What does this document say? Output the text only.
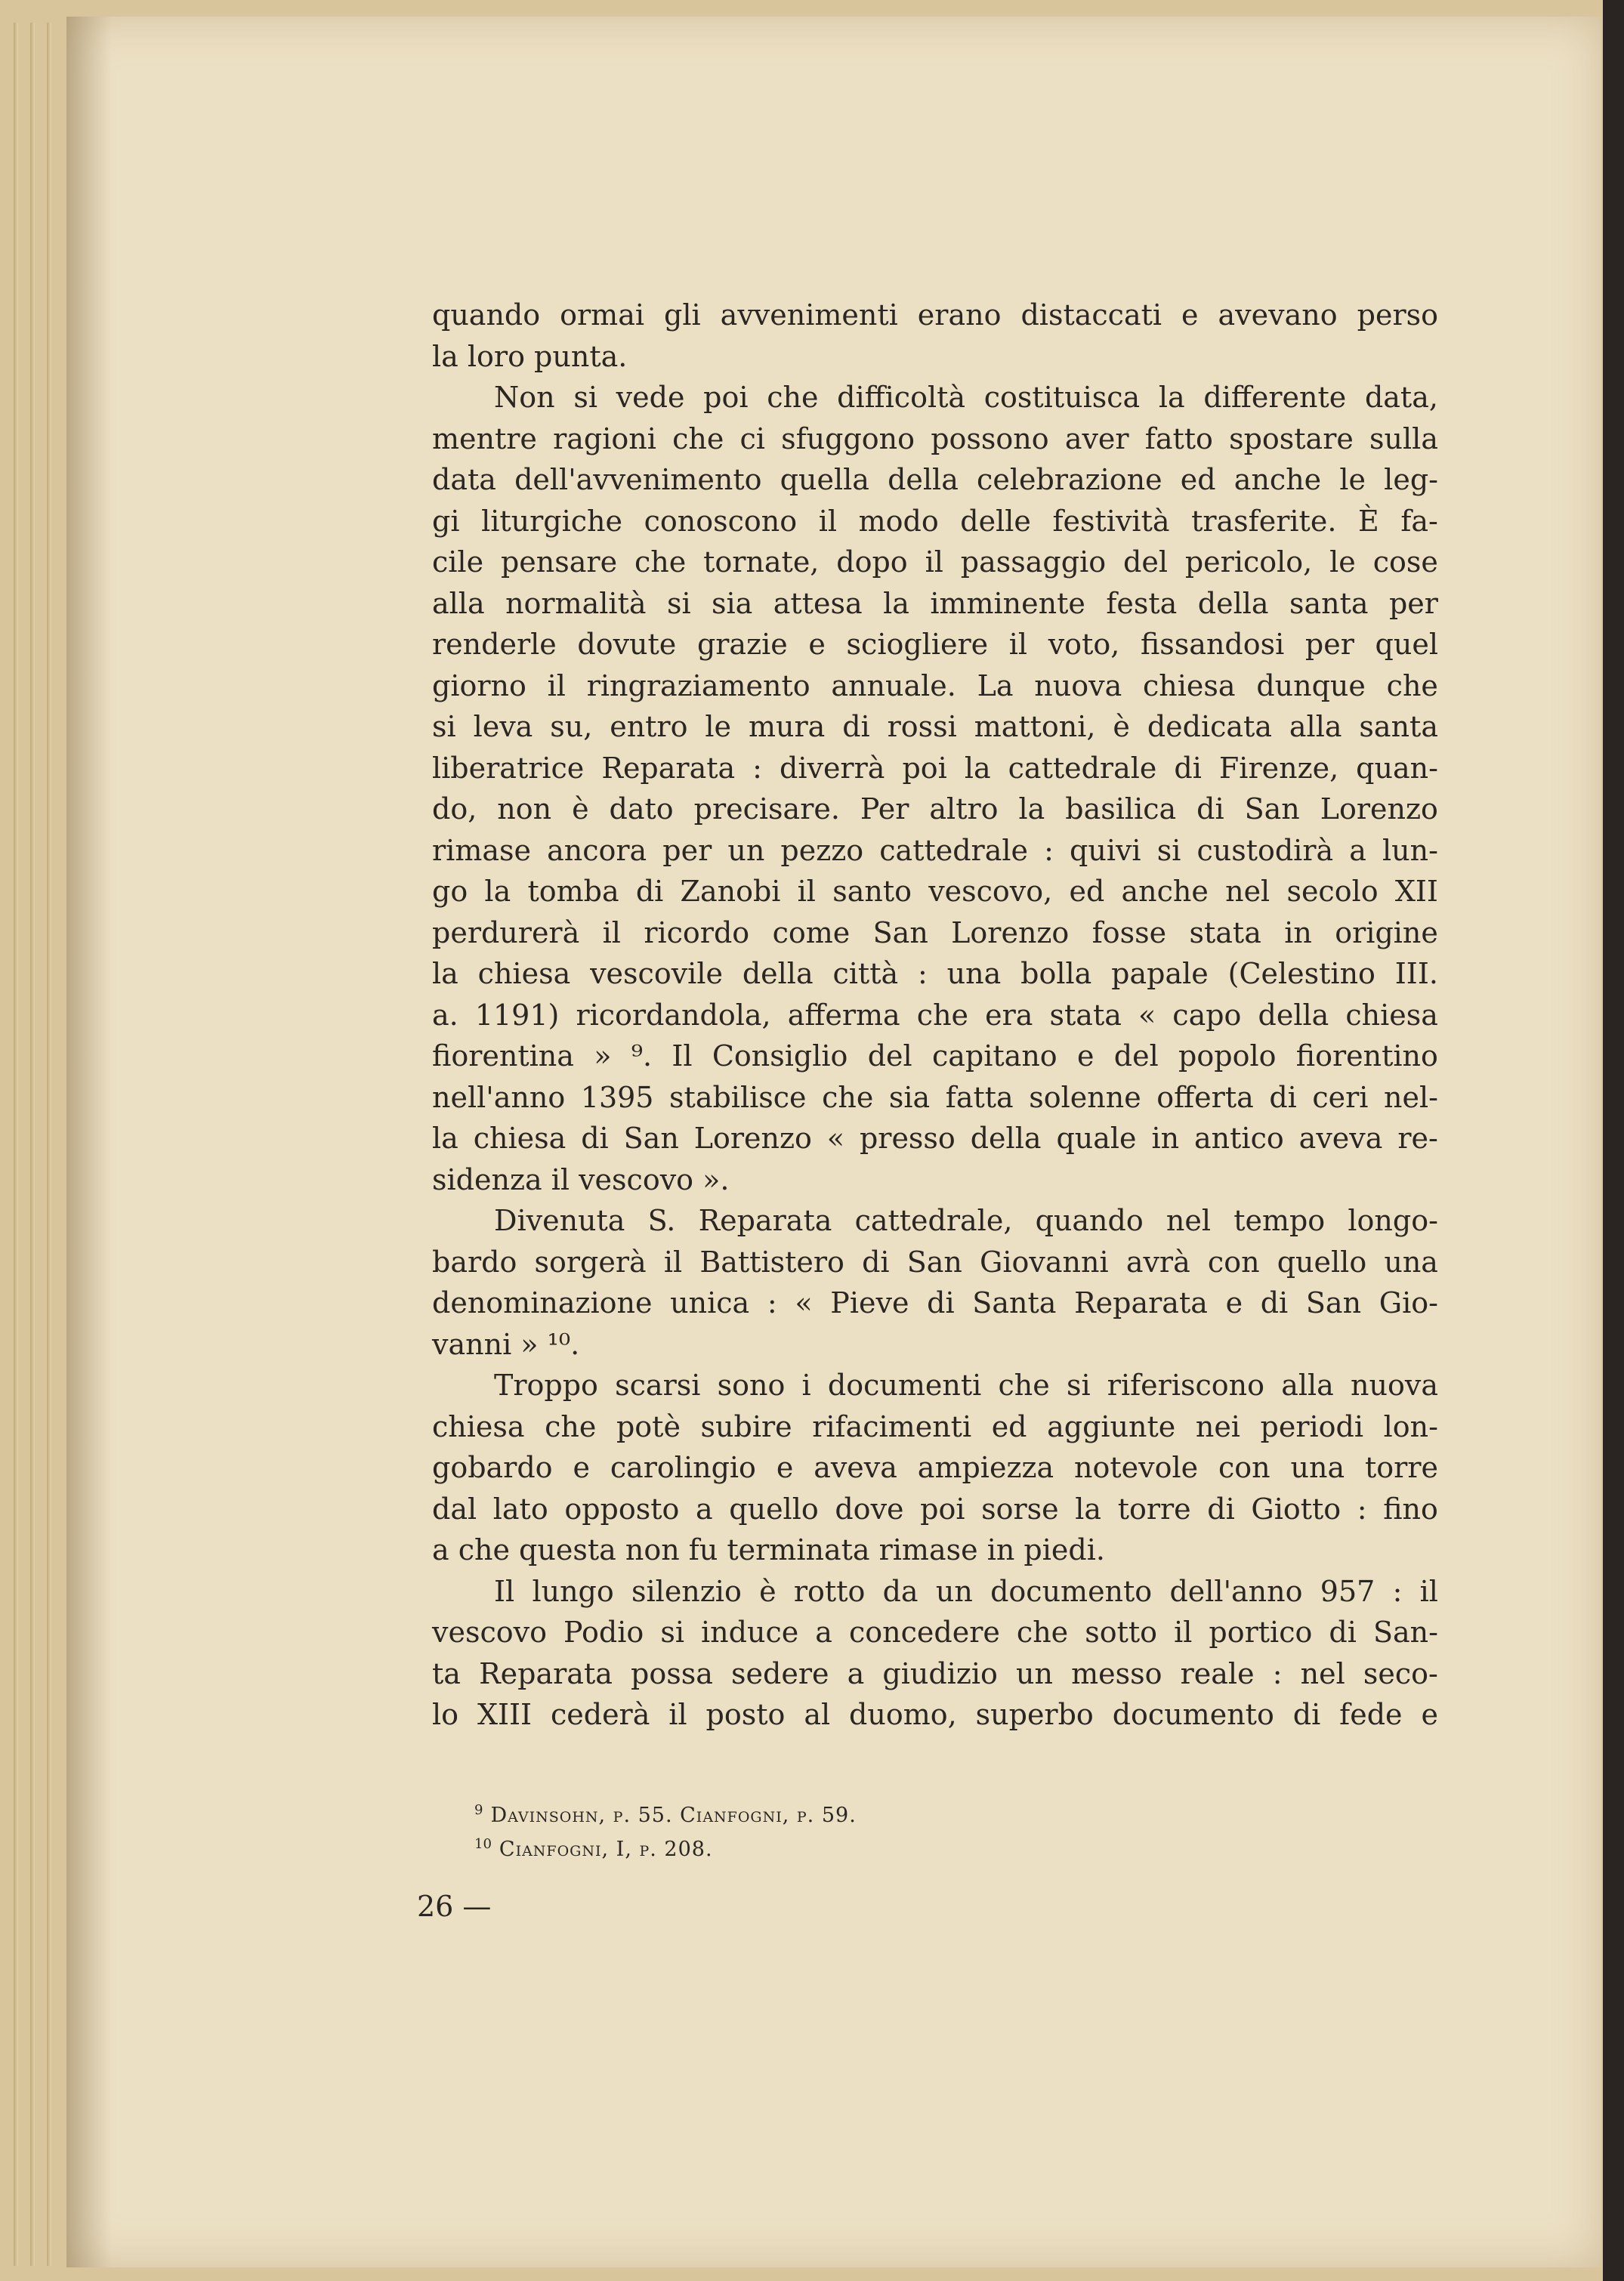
quando ormai gli avvenimenti erano distaccati e avevano perso
la loro punta.
Non si vede poi che difficoltà costituisca la differente data,
mentre ragioni che ci sfuggono possono aver fatto spostare sulla
data dell'avvenimento quella della celebrazione ed anche le leg-
gi liturgiche conoscono il modo delle festività trasferite. È fa-
cile pensare che tornate, dopo il passaggio del pericolo, le cose
alla normalità si sia attesa la imminente festa della santa per
renderle dovute grazie e sciogliere il voto, fissandosi per quel
giorno il ringraziamento annuale. La nuova chiesa dunque che
si leva su, entro le mura di rossi mattoni, è dedicata alla santa
liberatrice Reparata : diverrà poi la cattedrale di Firenze, quan-
do, non è dato precisare. Per altro la basilica di San Lorenzo
rimase ancora per un pezzo cattedrale : quivi si custodirà a lun-
go la tomba di Zanobi il santo vescovo, ed anche nel secolo XII
perdurerà il ricordo come San Lorenzo fosse stata in origine
la chiesa vescovile della città : una bolla papale (Celestino III.
a. 1191) ricordandola, afferma che era stata « capo della chiesa
fiorentina » ⁹. Il Consiglio del capitano e del popolo fiorentino
nell'anno 1395 stabilisce che sia fatta solenne offerta di ceri nel-
la chiesa di San Lorenzo « presso della quale in antico aveva re-
sidenza il vescovo ».
Divenuta S. Reparata cattedrale, quando nel tempo longo-
bardo sorgerà il Battistero di San Giovanni avrà con quello una
denominazione unica : « Pieve di Santa Reparata e di San Gio-
vanni » ¹⁰.
Troppo scarsi sono i documenti che si riferiscono alla nuova
chiesa che potè subire rifacimenti ed aggiunte nei periodi lon-
gobardo e carolingio e aveva ampiezza notevole con una torre
dal lato opposto a quello dove poi sorse la torre di Giotto : fino
a che questa non fu terminata rimase in piedi.
Il lungo silenzio è rotto da un documento dell'anno 957 : il
vescovo Podio si induce a concedere che sotto il portico di San-
ta Reparata possa sedere a giudizio un messo reale : nel seco-
lo XIII cederà il posto al duomo, superbo documento di fede e
$^9$ Davinsohn, p. 55. Cianfogni, p. 59.
$^{10}$ Cianfogni, I, p. 208.
26 —
